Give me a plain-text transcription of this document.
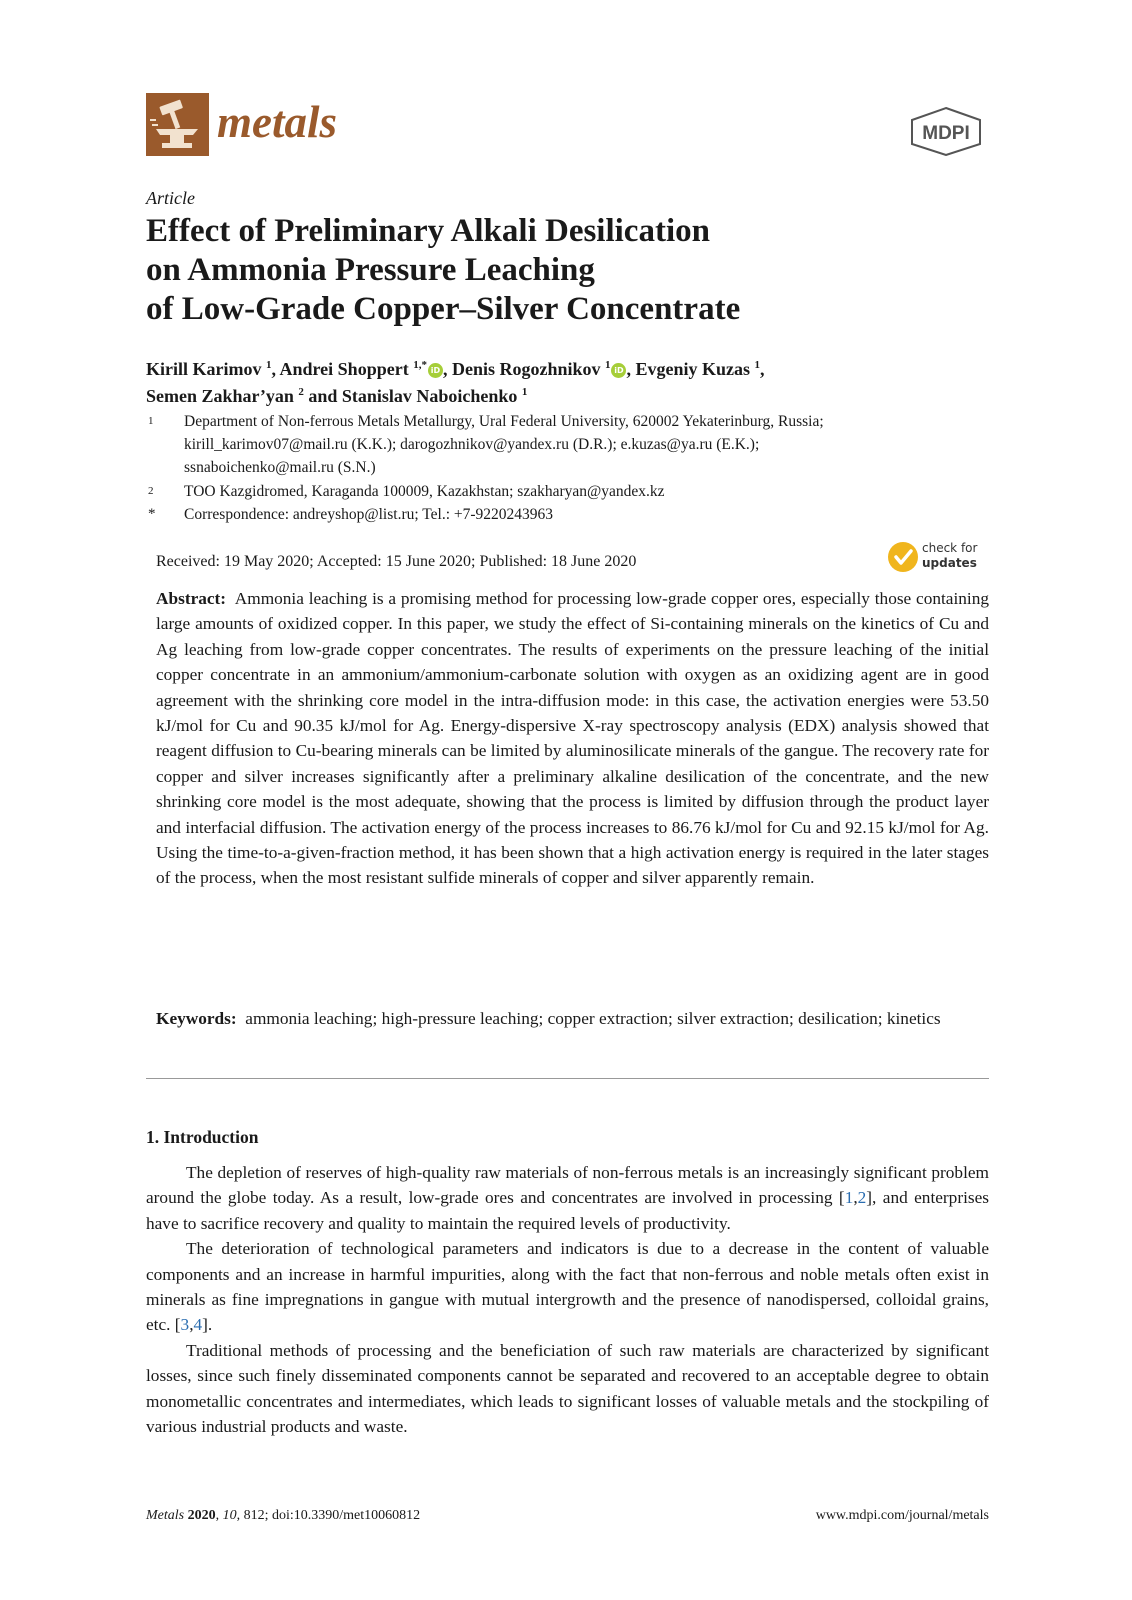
metals	MDPI
Article
Effect of Preliminary Alkali Desilication
on Ammonia Pressure Leaching
of Low-Grade Copper–Silver Concentrate
Kirill Karimov $^1$, Andrei Shoppert $^{1,*}$ iD , Denis Rogozhnikov $^1$ iD , Evgeniy Kuzas $^1$,
Semen Zakhar’yan $^2$ and Stanislav Naboichenko $^1$
1 Department of Non-ferrous Metals Metallurgy, Ural Federal University, 620002 Yekaterinburg, Russia;
kirill_karimov07@mail.ru (K.K.); darogozhnikov@yandex.ru (D.R.); e.kuzas@ya.ru (E.K.);
ssnaboichenko@mail.ru (S.N.)
2 TOO Kazgidromed, Karaganda 100009, Kazakhstan; szakharyan@yandex.kz
* Correspondence: andreyshop@list.ru; Tel.: +7-9220243963
Received: 19 May 2020; Accepted: 15 June 2020; Published: 18 June 2020
check for
updates
Abstract: Ammonia leaching is a promising method for processing low-grade copper ores, especially those containing large amounts of oxidized copper. In this paper, we study the effect of Si-containing minerals on the kinetics of Cu and Ag leaching from low-grade copper concentrates. The results of experiments on the pressure leaching of the initial copper concentrate in an ammonium/ammonium-carbonate solution with oxygen as an oxidizing agent are in good agreement with the shrinking core model in the intra-diffusion mode: in this case, the activation energies were 53.50 kJ/mol for Cu and 90.35 kJ/mol for Ag. Energy-dispersive X-ray spectroscopy analysis (EDX) analysis showed that reagent diffusion to Cu-bearing minerals can be limited by aluminosilicate minerals of the gangue. The recovery rate for copper and silver increases significantly after a preliminary alkaline desilication of the concentrate, and the new shrinking core model is the most adequate, showing that the process is limited by diffusion through the product layer and interfacial diffusion. The activation energy of the process increases to 86.76 kJ/mol for Cu and 92.15 kJ/mol for Ag. Using the time-to-a-given-fraction method, it has been shown that a high activation energy is required in the later stages of the process, when the most resistant sulfide minerals of copper and silver apparently remain.
Keywords: ammonia leaching; high-pressure leaching; copper extraction; silver extraction; desilication; kinetics
1. Introduction

The depletion of reserves of high-quality raw materials of non-ferrous metals is an increasingly significant problem around the globe today. As a result, low-grade ores and concentrates are involved in processing [1,2], and enterprises have to sacrifice recovery and quality to maintain the required levels of productivity.

The deterioration of technological parameters and indicators is due to a decrease in the content of valuable components and an increase in harmful impurities, along with the fact that non-ferrous and noble metals often exist in minerals as fine impregnations in gangue with mutual intergrowth and the presence of nanodispersed, colloidal grains, etc. [3,4].

Traditional methods of processing and the beneficiation of such raw materials are characterized by significant losses, since such finely disseminated components cannot be separated and recovered to an acceptable degree to obtain monometallic concentrates and intermediates, which leads to significant losses of valuable metals and the stockpiling of various industrial products and waste.

Metals 2020, 10, 812; doi:10.3390/met10060812	www.mdpi.com/journal/metals
